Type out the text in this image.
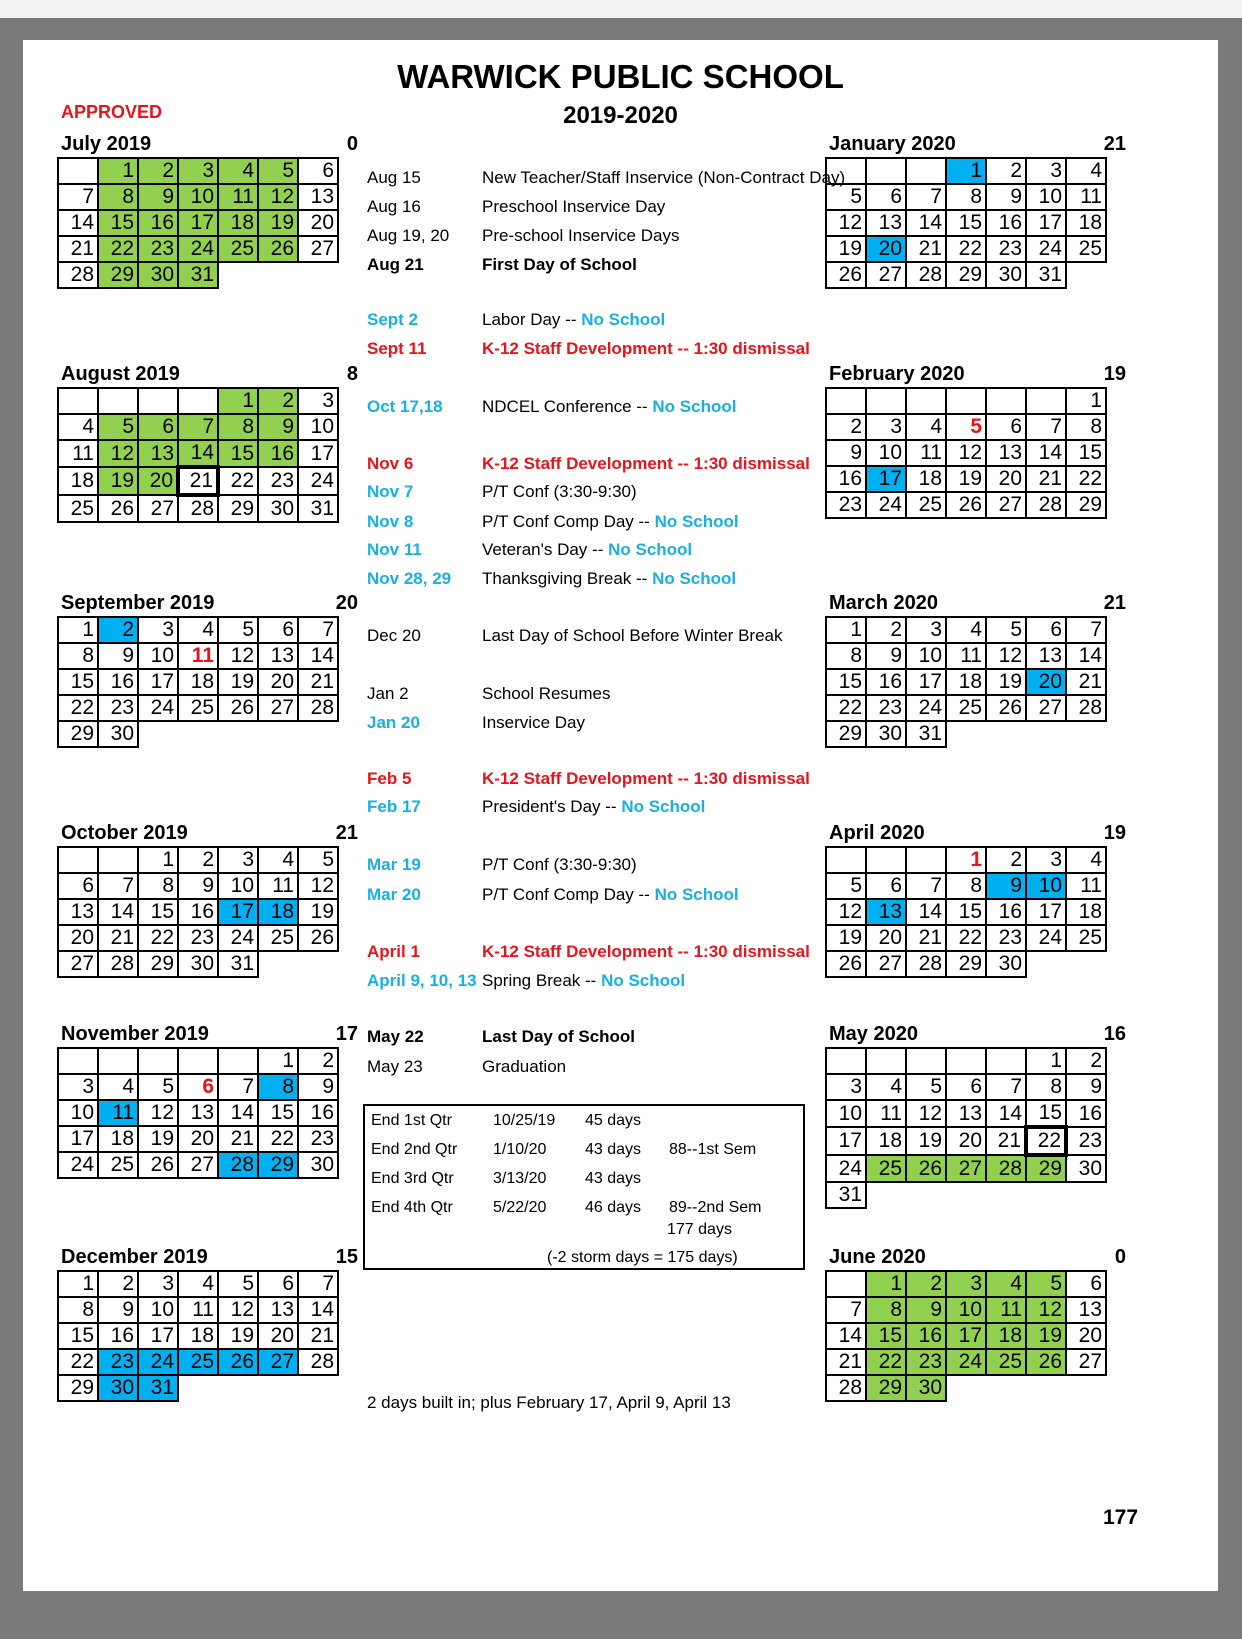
WARWICK PUBLIC SCHOOL
2019-2020
APPROVED
July 2019	0
	1	2	3	4	5	6
7	8	9	10	11	12	13
14	15	16	17	18	19	20
21	22	23	24	25	26	27
28	29	30	31			
August 2019	8
				1	2	3
4	5	6	7	8	9	10
11	12	13	14	15	16	17
18	19	20	21	22	23	24
25	26	27	28	29	30	31
September 2019	20
1	2	3	4	5	6	7
8	9	10	11	12	13	14
15	16	17	18	19	20	21
22	23	24	25	26	27	28
29	30					
October 2019	21
		1	2	3	4	5
6	7	8	9	10	11	12
13	14	15	16	17	18	19
20	21	22	23	24	25	26
27	28	29	30	31		
November 2019	17
					1	2
3	4	5	6	7	8	9
10	11	12	13	14	15	16
17	18	19	20	21	22	23
24	25	26	27	28	29	30
December 2019	15
1	2	3	4	5	6	7
8	9	10	11	12	13	14
15	16	17	18	19	20	21
22	23	24	25	26	27	28
29	30	31				
January 2020	21
			1	2	3	4
5	6	7	8	9	10	11
12	13	14	15	16	17	18
19	20	21	22	23	24	25
26	27	28	29	30	31	
February 2020	19
						1
2	3	4	5	6	7	8
9	10	11	12	13	14	15
16	17	18	19	20	21	22
23	24	25	26	27	28	29
March 2020	21
1	2	3	4	5	6	7
8	9	10	11	12	13	14
15	16	17	18	19	20	21
22	23	24	25	26	27	28
29	30	31				
April 2020	19
			1	2	3	4
5	6	7	8	9	10	11
12	13	14	15	16	17	18
19	20	21	22	23	24	25
26	27	28	29	30		
May 2020	16
					1	2
3	4	5	6	7	8	9
10	11	12	13	14	15	16
17	18	19	20	21	22	23
24	25	26	27	28	29	30
31						
June 2020	0
	1	2	3	4	5	6
7	8	9	10	11	12	13
14	15	16	17	18	19	20
21	22	23	24	25	26	27
28	29	30				
Aug 15	New Teacher/Staff Inservice (Non-Contract Day)
Aug 16	Preschool Inservice Day
Aug 19, 20 Pre-school Inservice Days
Aug 21	First Day of School
Sept 2	Labor Day -- No School
Sept 11	K-12 Staff Development -- 1:30 dismissal
Oct 17,18 NDCEL Conference -- No School
Nov 6	K-12 Staff Development -- 1:30 dismissal
Nov 7	P/T Conf (3:30-9:30)
Nov 8	P/T Conf Comp Day -- No School
Nov 11	Veteran's Day -- No School
Nov 28, 29 Thanksgiving Break -- No School
Dec 20	Last Day of School Before Winter Break
Jan 2	School Resumes
Jan 20	Inservice Day
Feb 5	K-12 Staff Development -- 1:30 dismissal
Feb 17	President's Day -- No School
Mar 19	P/T Conf (3:30-9:30)
Mar 20	P/T Conf Comp Day -- No School
April 1	K-12 Staff Development -- 1:30 dismissal
April 9, 10, 13 Spring Break -- No School
May 22	Last Day of School
May 23	Graduation
End 1st Qtr	10/25/19 45 days
End 2nd Qtr 1/10/20 43 days 88--1st Sem
End 3rd Qtr 3/13/20 43 days
End 4th Qtr	5/22/20 46 days 89--2nd Sem
177 days
(-2 storm days = 175 days)
2 days built in; plus February 17, April 9, April 13
177
